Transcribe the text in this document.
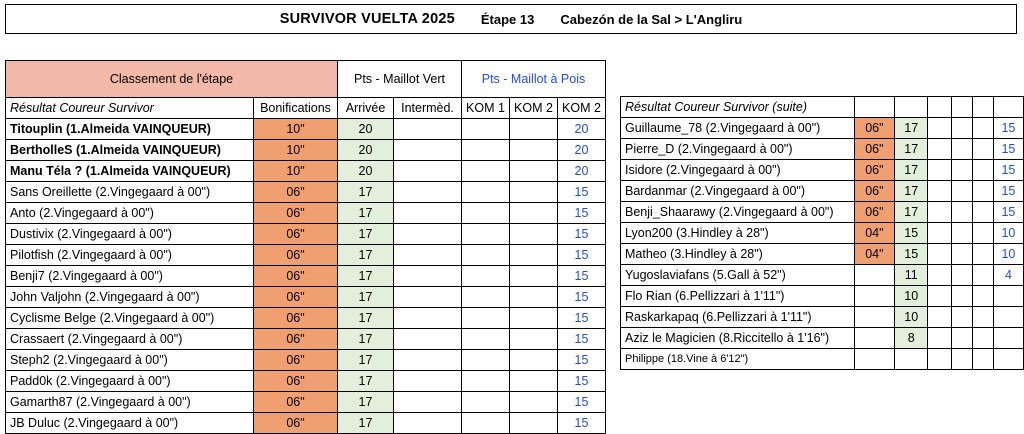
SURVIVOR VUELTA 2025 Étape 13 Cabezón de la Sal > L'Angliru
Classement de l'étape		Pts - Maillot Vert		Pts - Maillot à Pois		
Résultat Coureur Survivor	Bonifications	Arrivée	Intermèd.	KOM 1	KOM 2	KOM 2
Titouplin (1.Almeida VAINQUEUR)	10"	20				20
BertholleS (1.Almeida VAINQUEUR)	10"	20				20
Manu Téla ? (1.Almeida VAINQUEUR)	10"	20				20
Sans Oreillette (2.Vingegaard à 00")	06"	17				15
Anto (2.Vingegaard à 00")	06"	17				15
Dustivix (2.Vingegaard à 00")	06"	17				15
Pilotfish (2.Vingegaard à 00")	06"	17				15
Benji7 (2.Vingegaard à 00")	06"	17				15
John Valjohn (2.Vingegaard à 00")	06"	17				15
Cyclisme Belge (2.Vingegaard à 00")	06"	17				15
Crassaert (2.Vingegaard à 00")	06"	17				15
Steph2 (2.Vingegaard à 00")	06"	17				15
Padd0k (2.Vingegaard à 00")	06"	17				15
Gamarth87 (2.Vingegaard à 00")	06"	17				15
JB Duluc (2.Vingegaard à 00")	06"	17				15
Résultat Coureur Survivor (suite)						
Guillaume_78 (2.Vingegaard à 00")	06"	17				15
Pierre_D (2.Vingegaard à 00")	06"	17				15
Isidore (2.Vingegaard à 00")	06"	17				15
Bardanmar (2.Vingegaard à 00")	06"	17				15
Benji_Shaarawy (2.Vingegaard à 00")	06"	17				15
Lyon200 (3.Hindley à 28")	04"	15				10
Matheo (3.Hindley à 28")	04"	15				10
Yugoslaviafans (5.Gall à 52")		11				4
Flo Rian (6.Pellizzari à 1'11")		10				
Raskarkapaq (6.Pellizzari à 1'11")		10				
Aziz le Magicien (8.Riccitello à 1'16")		8				
Philippe (18.Vine à 6'12")						
